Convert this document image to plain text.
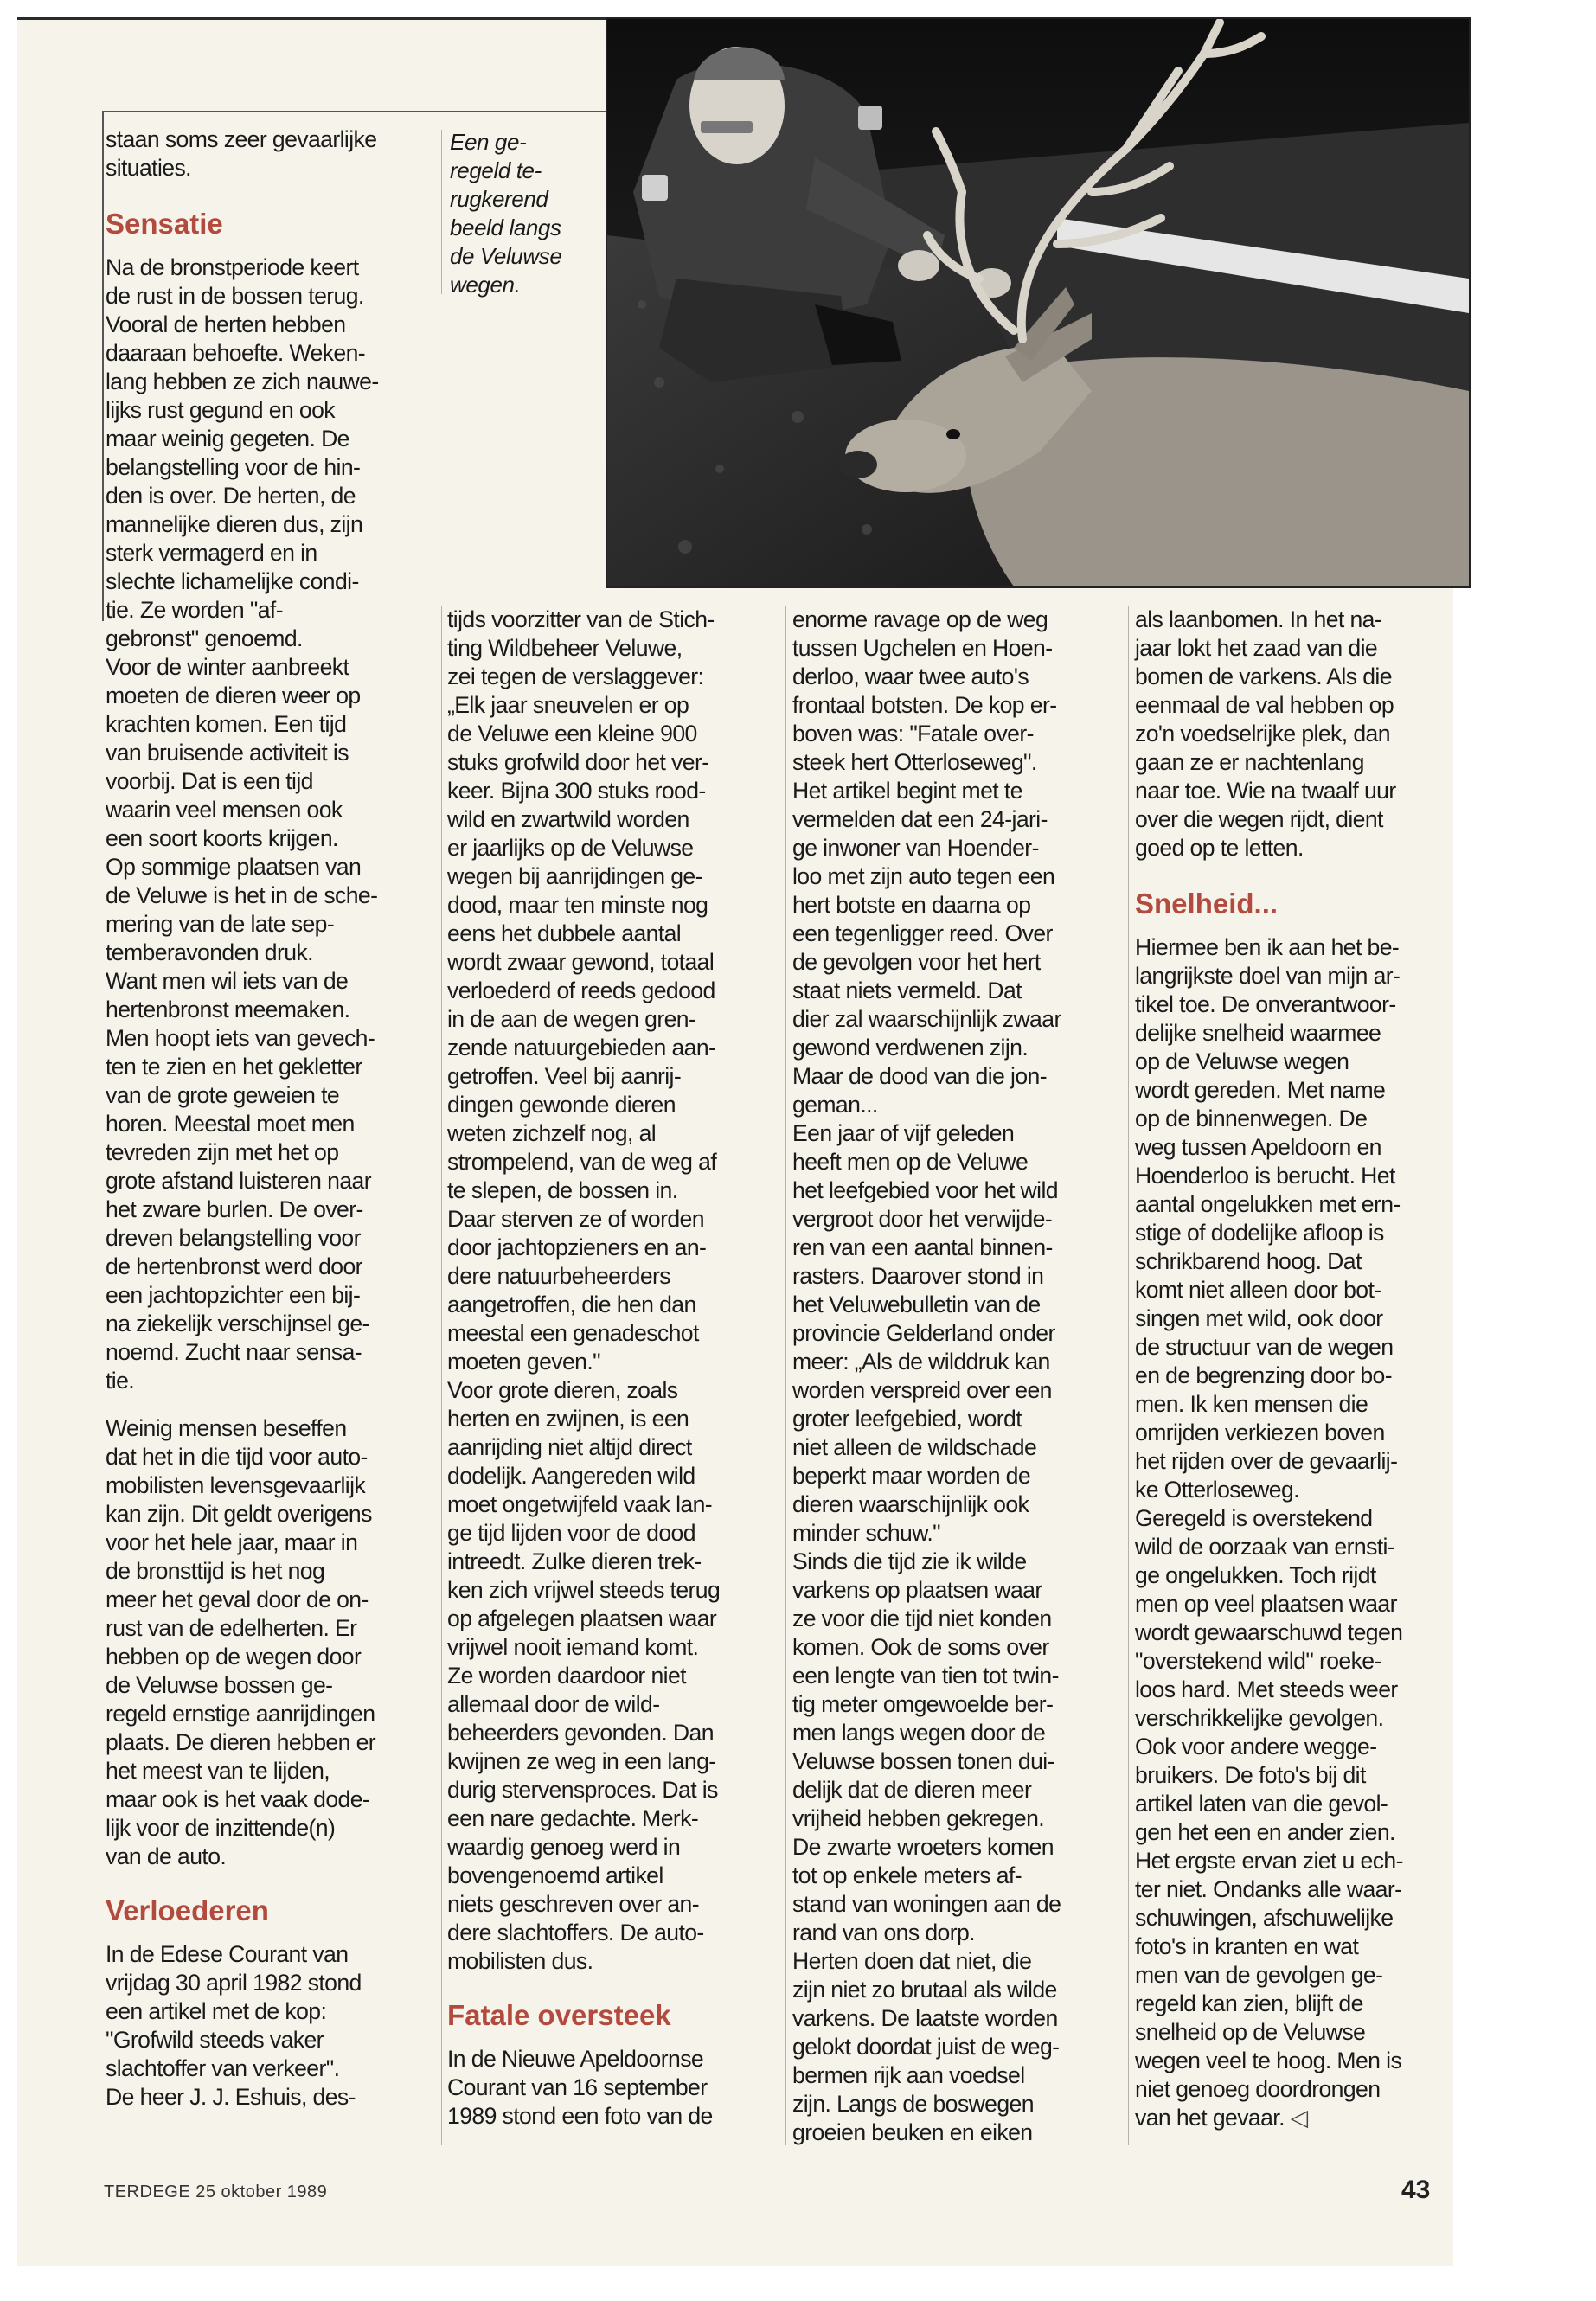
staan soms zeer gevaarlijke
situaties.

Sensatie

Na de bronstperiode keert
de rust in de bossen terug.
Vooral de herten hebben
daaraan behoefte. Weken-
lang hebben ze zich nauwe-
lijks rust gegund en ook
maar weinig gegeten. De
belangstelling voor de hin-
den is over. De herten, de
mannelijke dieren dus, zijn
sterk vermagerd en in
slechte lichamelijke condi-
tie. Ze worden "af-
gebronst" genoemd.
Voor de winter aanbreekt
moeten de dieren weer op
krachten komen. Een tijd
van bruisende activiteit is
voorbij. Dat is een tijd
waarin veel mensen ook
een soort koorts krijgen.
Op sommige plaatsen van
de Veluwe is het in de sche-
mering van de late sep-
temberavonden druk.
Want men wil iets van de
hertenbronst meemaken.
Men hoopt iets van gevech-
ten te zien en het gekletter
van de grote geweien te
horen. Meestal moet men
tevreden zijn met het op
grote afstand luisteren naar
het zware burlen. De over-
dreven belangstelling voor
de hertenbronst werd door
een jachtopzichter een bij-
na ziekelijk verschijnsel ge-
noemd. Zucht naar sensa-
tie.

Weinig mensen beseffen
dat het in die tijd voor auto-
mobilisten levensgevaarlijk
kan zijn. Dit geldt overigens
voor het hele jaar, maar in
de bronsttijd is het nog
meer het geval door de on-
rust van de edelherten. Er
hebben op de wegen door
de Veluwse bossen ge-
regeld ernstige aanrijdingen
plaats. De dieren hebben er
het meest van te lijden,
maar ook is het vaak dode-
lijk voor de inzittende(n)
van de auto.

Verloederen

In de Edese Courant van
vrijdag 30 april 1982 stond
een artikel met de kop:
"Grofwild steeds vaker
slachtoffer van verkeer".
De heer J. J. Eshuis, des-

Een ge-
regeld te-
rugkerend
beeld langs
de Veluwse
wegen.

tijds voorzitter van de Stich-
ting Wildbeheer Veluwe,
zei tegen de verslaggever:
„Elk jaar sneuvelen er op
de Veluwe een kleine 900
stuks grofwild door het ver-
keer. Bijna 300 stuks rood-
wild en zwartwild worden
er jaarlijks op de Veluwse
wegen bij aanrijdingen ge-
dood, maar ten minste nog
eens het dubbele aantal
wordt zwaar gewond, totaal
verloederd of reeds gedood
in de aan de wegen gren-
zende natuurgebieden aan-
getroffen. Veel bij aanrij-
dingen gewonde dieren
weten zichzelf nog, al
strompelend, van de weg af
te slepen, de bossen in.
Daar sterven ze of worden
door jachtopzieners en an-
dere natuurbeheerders
aangetroffen, die hen dan
meestal een genadeschot
moeten geven."
Voor grote dieren, zoals
herten en zwijnen, is een
aanrijding niet altijd direct
dodelijk. Aangereden wild
moet ongetwijfeld vaak lan-
ge tijd lijden voor de dood
intreedt. Zulke dieren trek-
ken zich vrijwel steeds terug
op afgelegen plaatsen waar
vrijwel nooit iemand komt.
Ze worden daardoor niet
allemaal door de wild-
beheerders gevonden. Dan
kwijnen ze weg in een lang-
durig stervensproces. Dat is
een nare gedachte. Merk-
waardig genoeg werd in
bovengenoemd artikel
niets geschreven over an-
dere slachtoffers. De auto-
mobilisten dus.

Fatale oversteek

In de Nieuwe Apeldoornse
Courant van 16 september
1989 stond een foto van de

enorme ravage op de weg
tussen Ugchelen en Hoen-
derloo, waar twee auto's
frontaal botsten. De kop er-
boven was: "Fatale over-
steek hert Otterloseweg".
Het artikel begint met te
vermelden dat een 24-jari-
ge inwoner van Hoender-
loo met zijn auto tegen een
hert botste en daarna op
een tegenligger reed. Over
de gevolgen voor het hert
staat niets vermeld. Dat
dier zal waarschijnlijk zwaar
gewond verdwenen zijn.
Maar de dood van die jon-
geman...
Een jaar of vijf geleden
heeft men op de Veluwe
het leefgebied voor het wild
vergroot door het verwijde-
ren van een aantal binnen-
rasters. Daarover stond in
het Veluwebulletin van de
provincie Gelderland onder
meer: „Als de wilddruk kan
worden verspreid over een
groter leefgebied, wordt
niet alleen de wildschade
beperkt maar worden de
dieren waarschijnlijk ook
minder schuw."
Sinds die tijd zie ik wilde
varkens op plaatsen waar
ze voor die tijd niet konden
komen. Ook de soms over
een lengte van tien tot twin-
tig meter omgewoelde ber-
men langs wegen door de
Veluwse bossen tonen dui-
delijk dat de dieren meer
vrijheid hebben gekregen.
De zwarte wroeters komen
tot op enkele meters af-
stand van woningen aan de
rand van ons dorp.
Herten doen dat niet, die
zijn niet zo brutaal als wilde
varkens. De laatste worden
gelokt doordat juist de weg-
bermen rijk aan voedsel
zijn. Langs de boswegen
groeien beuken en eiken

als laanbomen. In het na-
jaar lokt het zaad van die
bomen de varkens. Als die
eenmaal de val hebben op
zo'n voedselrijke plek, dan
gaan ze er nachtenlang
naar toe. Wie na twaalf uur
over die wegen rijdt, dient
goed op te letten.

Snelheid...

Hiermee ben ik aan het be-
langrijkste doel van mijn ar-
tikel toe. De onverantwoor-
delijke snelheid waarmee
op de Veluwse wegen
wordt gereden. Met name
op de binnenwegen. De
weg tussen Apeldoorn en
Hoenderloo is berucht. Het
aantal ongelukken met ern-
stige of dodelijke afloop is
schrikbarend hoog. Dat
komt niet alleen door bot-
singen met wild, ook door
de structuur van de wegen
en de begrenzing door bo-
men. Ik ken mensen die
omrijden verkiezen boven
het rijden over de gevaarlij-
ke Otterloseweg.
Geregeld is overstekend
wild de oorzaak van ernsti-
ge ongelukken. Toch rijdt
men op veel plaatsen waar
wordt gewaarschuwd tegen
"overstekend wild" roeke-
loos hard. Met steeds weer
verschrikkelijke gevolgen.
Ook voor andere wegge-
bruikers. De foto's bij dit
artikel laten van die gevol-
gen het een en ander zien.
Het ergste ervan ziet u ech-
ter niet. Ondanks alle waar-
schuwingen, afschuwelijke
foto's in kranten en wat
men van de gevolgen ge-
regeld kan zien, blijft de
snelheid op de Veluwse
wegen veel te hoog. Men is
niet genoeg doordrongen
van het gevaar. ◁

TERDEGE 25 oktober 1989	43
